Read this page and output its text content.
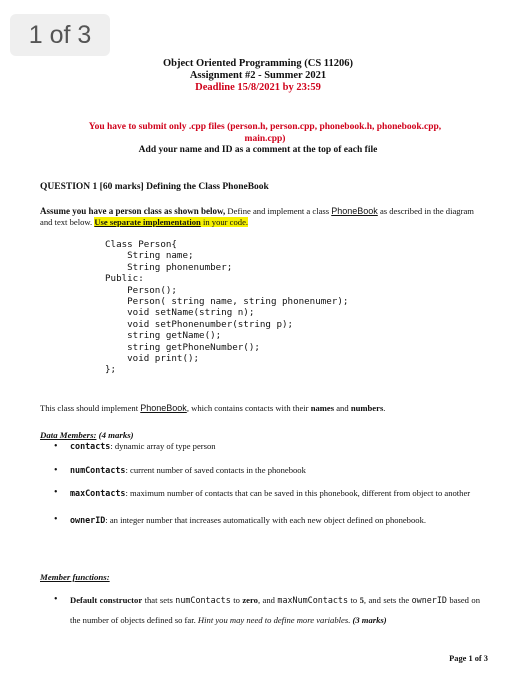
1 of 3
Object Oriented Programming (CS 11206)
Assignment #2 - Summer 2021
Deadline 15/8/2021 by 23:59
You have to submit only .cpp files (person.h, person.cpp, phonebook.h, phonebook.cpp, main.cpp)
Add your name and ID as a comment at the top of each file
QUESTION 1 [60 marks] Defining the Class PhoneBook
Assume you have a person class as shown below, Define and implement a class PhoneBook as described in the diagram and text below. Use separate implementation in your code.
Class Person{
String name;
String phonenumber;
Public:
Person();
Person( string name, string phonenumer);
void setName(string n);
void setPhonenumber(string p);
string getName();
string getPhoneNumber();
void print();
};
This class should implement PhoneBook, which contains contacts with their names and numbers.
Data Members: (4 marks)
• contacts: dynamic array of type person
• numContacts: current number of saved contacts in the phonebook
• maxContacts: maximum number of contacts that can be saved in this phonebook, different from object to another
• ownerID: an integer number that increases automatically with each new object defined on phonebook.
Member functions:
• Default constructor that sets numContacts to zero, and maxNumContacts to 5, and sets the ownerID based on the number of objects defined so far. Hint you may need to define more variables. (3 marks)
Page 1 of 3
